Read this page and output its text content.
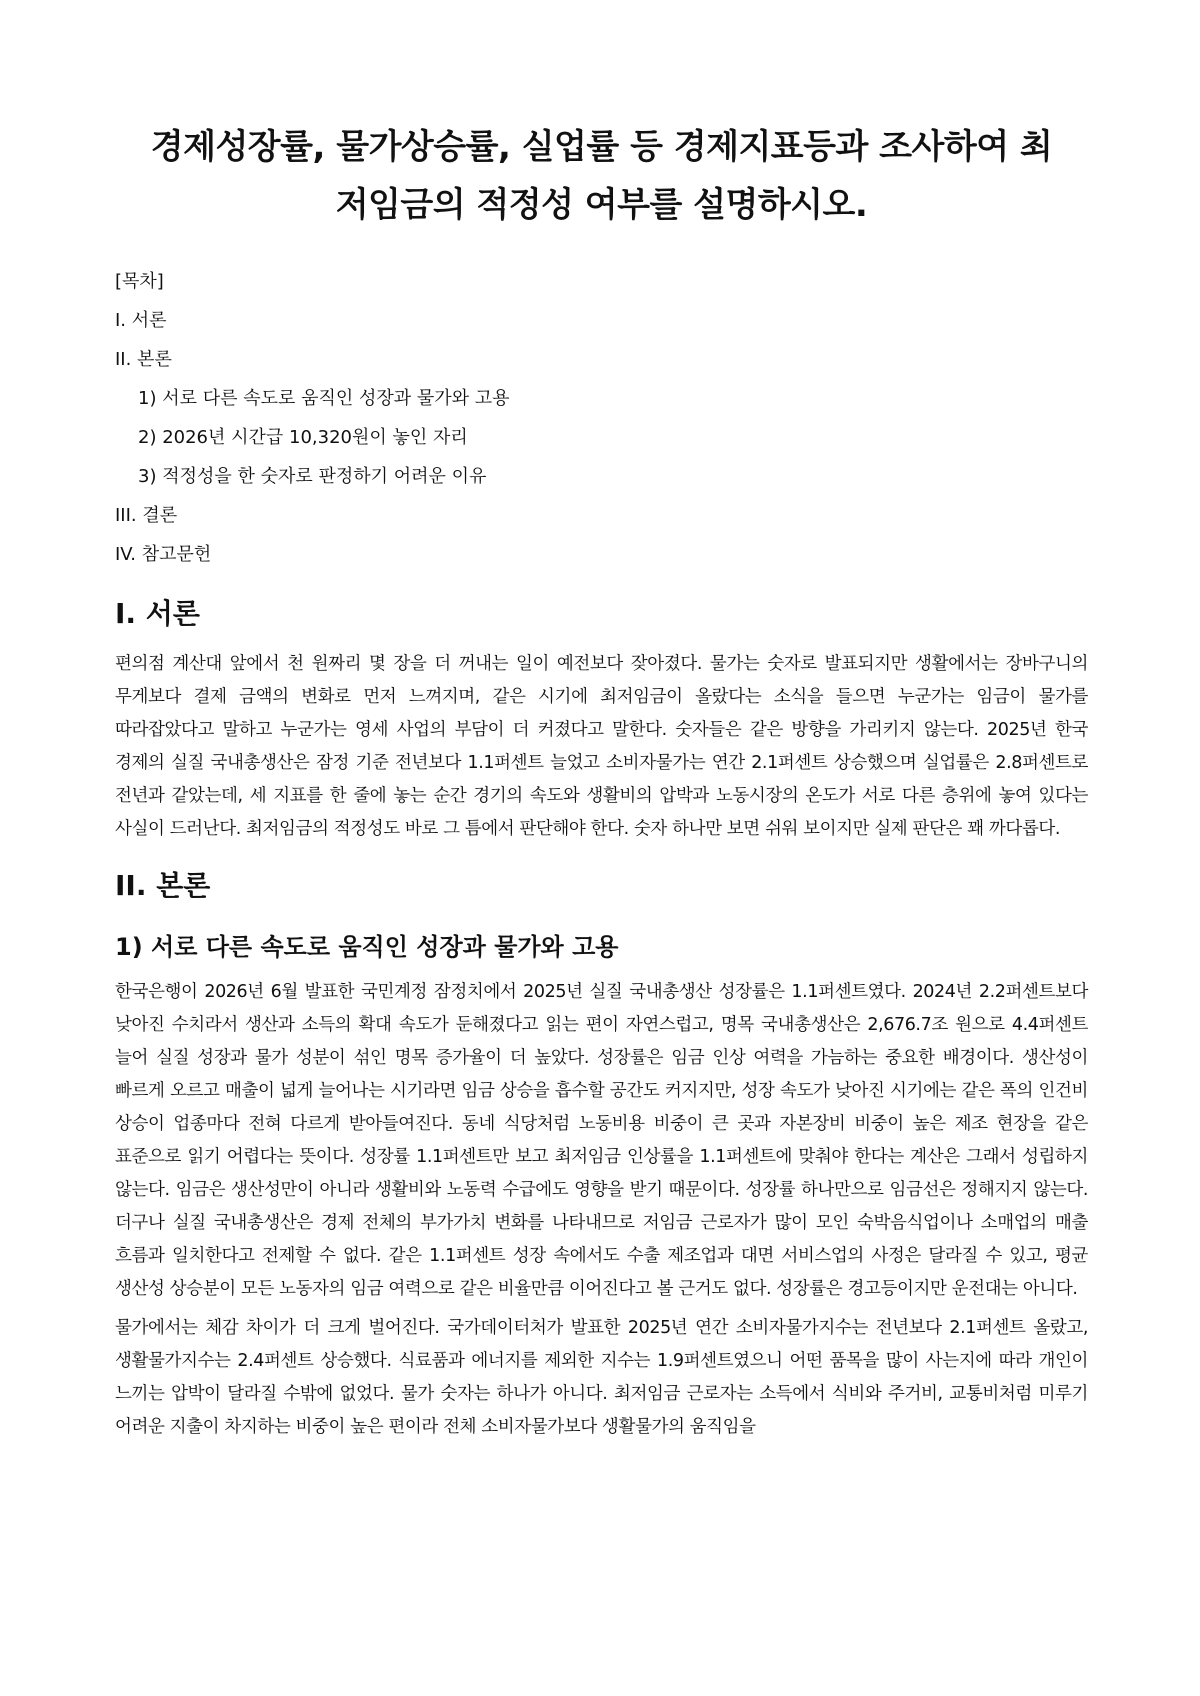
경제성장률, 물가상승률, 실업률 등 경제지표등과 조사하여 최저임금의 적정성 여부를 설명하시오.
[목차]
I. 서론
II. 본론
1) 서로 다른 속도로 움직인 성장과 물가와 고용
2) 2026년 시간급 10,320원이 놓인 자리
3) 적정성을 한 숫자로 판정하기 어려운 이유
III. 결론
IV. 참고문헌
I. 서론

편의점 계산대 앞에서 천 원짜리 몇 장을 더 꺼내는 일이 예전보다 잦아졌다. 물가는 숫자로 발표되지만 생활에서는 장바구니의 무게보다 결제 금액의 변화로 먼저 느껴지며, 같은 시기에 최저임금이 올랐다는 소식을 들으면 누군가는 임금이 물가를 따라잡았다고 말하고 누군가는 영세 사업의 부담이 더 커졌다고 말한다. 숫자들은 같은 방향을 가리키지 않는다. 2025년 한국 경제의 실질 국내총생산은 잠정 기준 전년보다 1.1퍼센트 늘었고 소비자물가는 연간 2.1퍼센트 상승했으며 실업률은 2.8퍼센트로 전년과 같았는데, 세 지표를 한 줄에 놓는 순간 경기의 속도와 생활비의 압박과 노동시장의 온도가 서로 다른 층위에 놓여 있다는 사실이 드러난다. 최저임금의 적정성도 바로 그 틈에서 판단해야 한다. 숫자 하나만 보면 쉬워 보이지만 실제 판단은 꽤 까다롭다.

II. 본론
1) 서로 다른 속도로 움직인 성장과 물가와 고용

한국은행이 2026년 6월 발표한 국민계정 잠정치에서 2025년 실질 국내총생산 성장률은 1.1퍼센트였다. 2024년 2.2퍼센트보다 낮아진 수치라서 생산과 소득의 확대 속도가 둔해졌다고 읽는 편이 자연스럽고, 명목 국내총생산은 2,676.7조 원으로 4.4퍼센트 늘어 실질 성장과 물가 성분이 섞인 명목 증가율이 더 높았다. 성장률은 임금 인상 여력을 가늠하는 중요한 배경이다. 생산성이 빠르게 오르고 매출이 넓게 늘어나는 시기라면 임금 상승을 흡수할 공간도 커지지만, 성장 속도가 낮아진 시기에는 같은 폭의 인건비 상승이 업종마다 전혀 다르게 받아들여진다. 동네 식당처럼 노동비용 비중이 큰 곳과 자본장비 비중이 높은 제조 현장을 같은 표준으로 읽기 어렵다는 뜻이다. 성장률 1.1퍼센트만 보고 최저임금 인상률을 1.1퍼센트에 맞춰야 한다는 계산은 그래서 성립하지 않는다. 임금은 생산성만이 아니라 생활비와 노동력 수급에도 영향을 받기 때문이다. 성장률 하나만으로 임금선은 정해지지 않는다. 더구나 실질 국내총생산은 경제 전체의 부가가치 변화를 나타내므로 저임금 근로자가 많이 모인 숙박음식업이나 소매업의 매출 흐름과 일치한다고 전제할 수 없다. 같은 1.1퍼센트 성장 속에서도 수출 제조업과 대면 서비스업의 사정은 달라질 수 있고, 평균 생산성 상승분이 모든 노동자의 임금 여력으로 같은 비율만큼 이어진다고 볼 근거도 없다. 성장률은 경고등이지만 운전대는 아니다.

물가에서는 체감 차이가 더 크게 벌어진다. 국가데이터처가 발표한 2025년 연간 소비자물가지수는 전년보다 2.1퍼센트 올랐고, 생활물가지수는 2.4퍼센트 상승했다. 식료품과 에너지를 제외한 지수는 1.9퍼센트였으니 어떤 품목을 많이 사는지에 따라 개인이 느끼는 압박이 달라질 수밖에 없었다. 물가 숫자는 하나가 아니다. 최저임금 근로자는 소득에서 식비와 주거비, 교통비처럼 미루기 어려운 지출이 차지하는 비중이 높은 편이라 전체 소비자물가보다 생활물가의 움직임을
